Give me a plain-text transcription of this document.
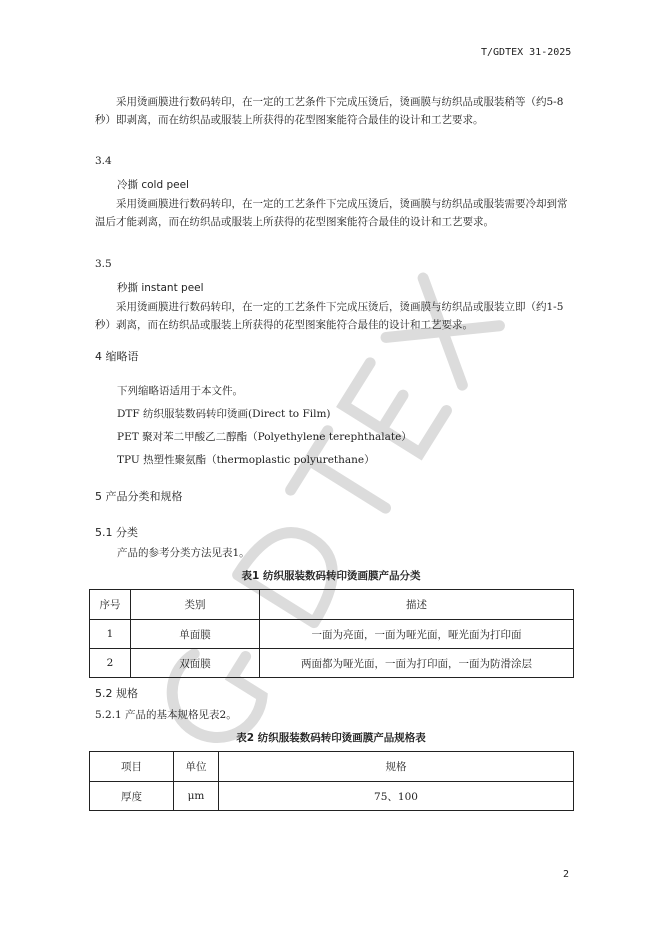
T/GDTEX 31-2025
采用烫画膜进行数码转印，在一定的工艺条件下完成压烫后，烫画膜与纺织品或服装稍等（约5-8秒）即剥离，而在纺织品或服装上所获得的花型图案能符合最佳的设计和工艺要求。
3.4
冷撕 cold peel
采用烫画膜进行数码转印，在一定的工艺条件下完成压烫后，烫画膜与纺织品或服装需要冷却到常温后才能剥离，而在纺织品或服装上所获得的花型图案能符合最佳的设计和工艺要求。
3.5
秒撕 instant peel
采用烫画膜进行数码转印，在一定的工艺条件下完成压烫后，烫画膜与纺织品或服装立即（约1-5秒）剥离，而在纺织品或服装上所获得的花型图案能符合最佳的设计和工艺要求。
4 缩略语
下列缩略语适用于本文件。
DTF 纺织服装数码转印烫画(Direct to Film)
PET 聚对苯二甲酸乙二醇酯（Polyethylene terephthalate）
TPU 热塑性聚氨酯（thermoplastic polyurethane）
5 产品分类和规格
5.1 分类
产品的参考分类方法见表1。
表1 纺织服装数码转印烫画膜产品分类
序号	类别	描述
1	单面膜	一面为亮面，一面为哑光面，哑光面为打印面
2	双面膜	两面都为哑光面，一面为打印面，一面为防滑涂层
5.2 规格
5.2.1 产品的基本规格见表2。
表2 纺织服装数码转印烫画膜产品规格表
项目	单位	规格
厚度	μm	75、100
2
